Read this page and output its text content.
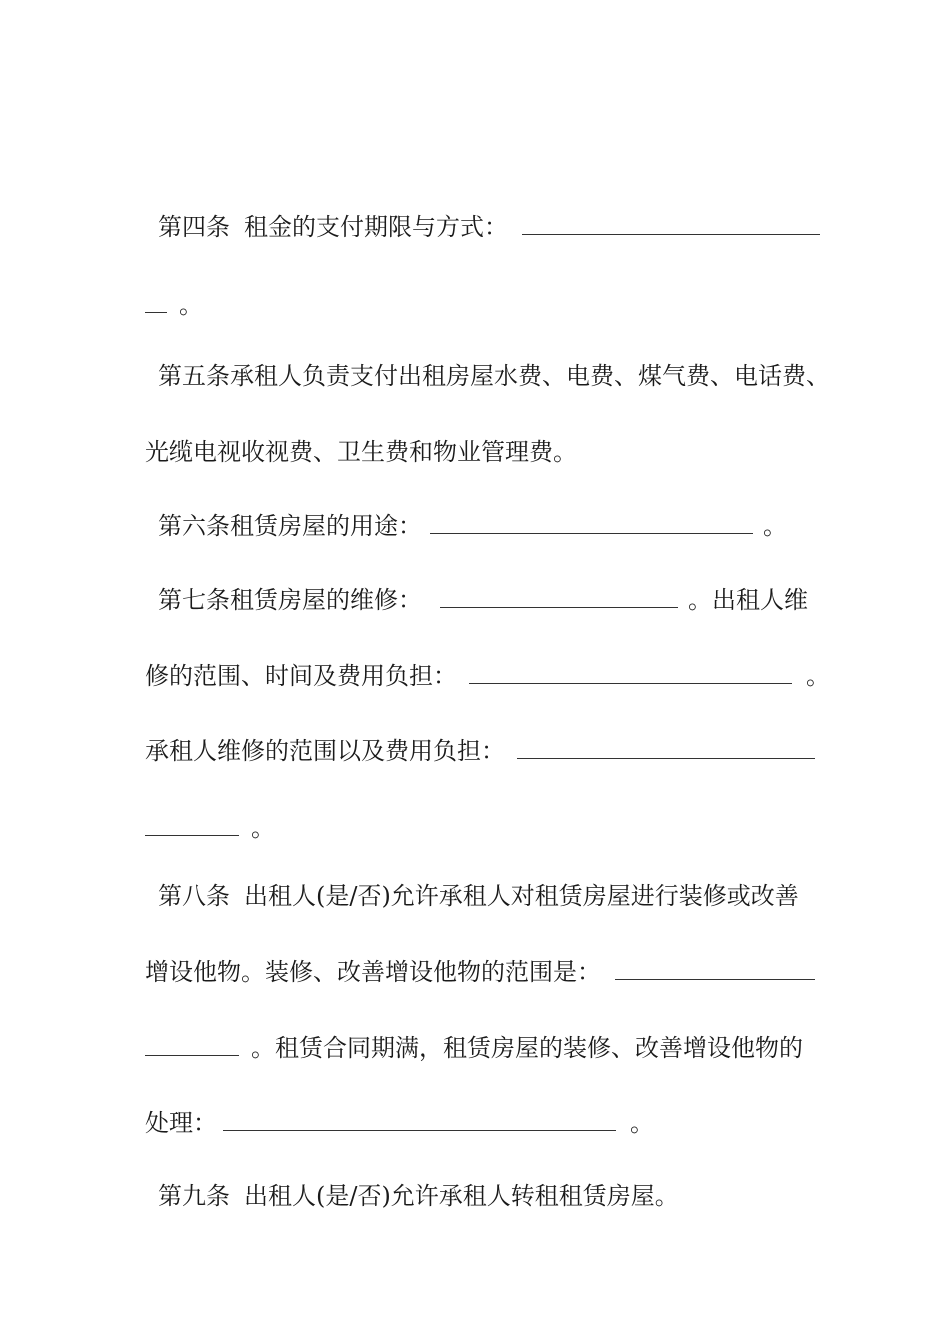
第四条 租金的支付期限与方式：
。
第五条承租人负责支付出租房屋水费、电费、煤气费、电话费、
光缆电视收视费、卫生费和物业管理费。
第六条租赁房屋的用途：	。
第七条租赁房屋的维修：	。出租人维
修的范围、时间及费用负担：	。
承租人维修的范围以及费用负担：
。
第八条 出租人(是/否)允许承租人对租赁房屋进行装修或改善
增设他物。装修、改善增设他物的范围是：
。租赁合同期满，租赁房屋的装修、改善增设他物的
处理：	。
第九条 出租人(是/否)允许承租人转租租赁房屋。
